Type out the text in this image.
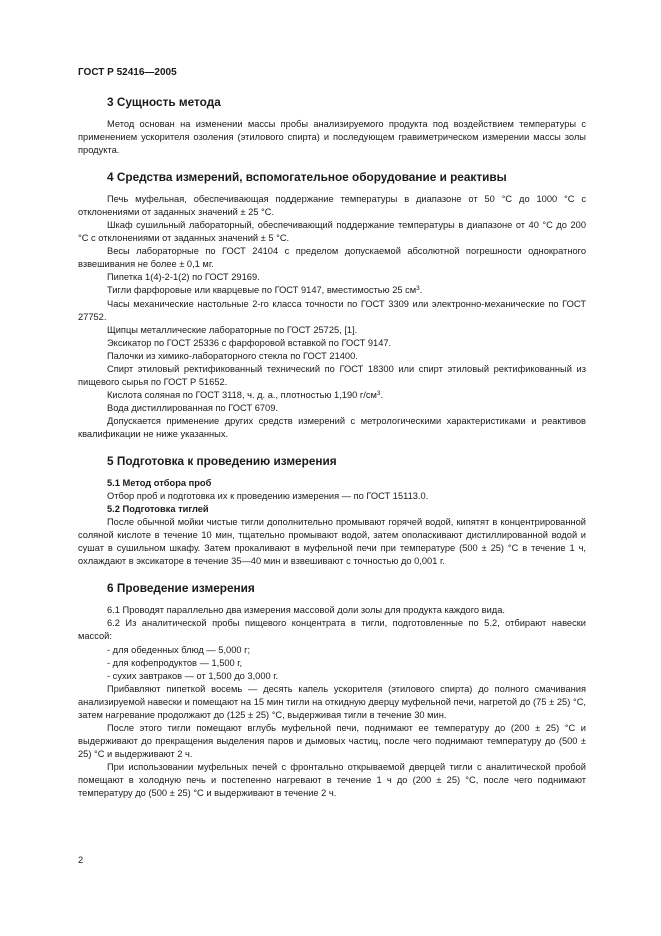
ГОСТ Р 52416—2005
3 Сущность метода

Метод основан на изменении массы пробы анализируемого продукта под воздействием температуры с применением ускорителя озоления (этилового спирта) и последующем гравиметрическом измерении массы золы продукта.

4 Средства измерений, вспомогательное оборудование и реактивы

Печь муфельная, обеспечивающая поддержание температуры в диапазоне от 50 °С до 1000 °С с отклонениями от заданных значений ± 25 °С.

Шкаф сушильный лабораторный, обеспечивающий поддержание температуры в диапазоне от 40 °С до 200 °С с отклонениями от заданных значений ± 5 °С.

Весы лабораторные по ГОСТ 24104 с пределом допускаемой абсолютной погрешности однократного взвешивания не более ± 0,1 мг.

Пипетка 1(4)-2-1(2) по ГОСТ 29169.

Тигли фарфоровые или кварцевые по ГОСТ 9147, вместимостью 25 $см^3$.

Часы механические настольные 2-го класса точности по ГОСТ 3309 или электронно-механические по ГОСТ 27752.

Щипцы металлические лабораторные по ГОСТ 25725, [1].

Эксикатор по ГОСТ 25336 с фарфоровой вставкой по ГОСТ 9147.

Палочки из химико-лабораторного стекла по ГОСТ 21400.

Спирт этиловый ректификованный технический по ГОСТ 18300 или спирт этиловый ректификованный из пищевого сырья по ГОСТ Р 51652.

Кислота соляная по ГОСТ 3118, ч. д. а., плотностью 1,190 $г/см^3$.

Вода дистиллированная по ГОСТ 6709.

Допускается применение других средств измерений с метрологическими характеристиками и реактивов квалификации не ниже указанных.

5 Подготовка к проведению измерения
5.1 Метод отбора проб

Отбор проб и подготовка их к проведению измерения — по ГОСТ 15113.0.

5.2 Подготовка тиглей

После обычной мойки чистые тигли дополнительно промывают горячей водой, кипятят в концентрированной соляной кислоте в течение 10 мин, тщательно промывают водой, затем ополаскивают дистиллированной водой и сушат в сушильном шкафу. Затем прокаливают в муфельной печи при температуре (500 ± 25) °С в течение 1 ч, охлаждают в эксикаторе в течение 35—40 мин и взвешивают с точностью до 0,001 г.

6 Проведение измерения

6.1 Проводят параллельно два измерения массовой доли золы для продукта каждого вида.

6.2 Из аналитической пробы пищевого концентрата в тигли, подготовленные по 5.2, отбирают навески массой:

- для обеденных блюд — 5,000 г;
- для кофепродуктов — 1,500 г,
- сухих завтраков — от 1,500 до 3,000 г.

Прибавляют пипеткой восемь — десять капель ускорителя (этилового спирта) до полного смачивания анализируемой навески и помещают на 15 мин тигли на откидную дверцу муфельной печи, нагретой до (75 ± 25) °С, затем нагревание продолжают до (125 ± 25) °С, выдерживая тигли в течение 30 мин.

После этого тигли помещают вглубь муфельной печи, поднимают ее температуру до (200 ± 25) °С и выдерживают до прекращения выделения паров и дымовых частиц, после чего поднимают температуру до (500 ± 25) °С и выдерживают 2 ч.

При использовании муфельных печей с фронтально открываемой дверцей тигли с аналитической пробой помещают в холодную печь и постепенно нагревают в течение 1 ч до (200 ± 25) °С, после чего поднимают температуру до (500 ± 25) °С и выдерживают в течение 2 ч.

2
